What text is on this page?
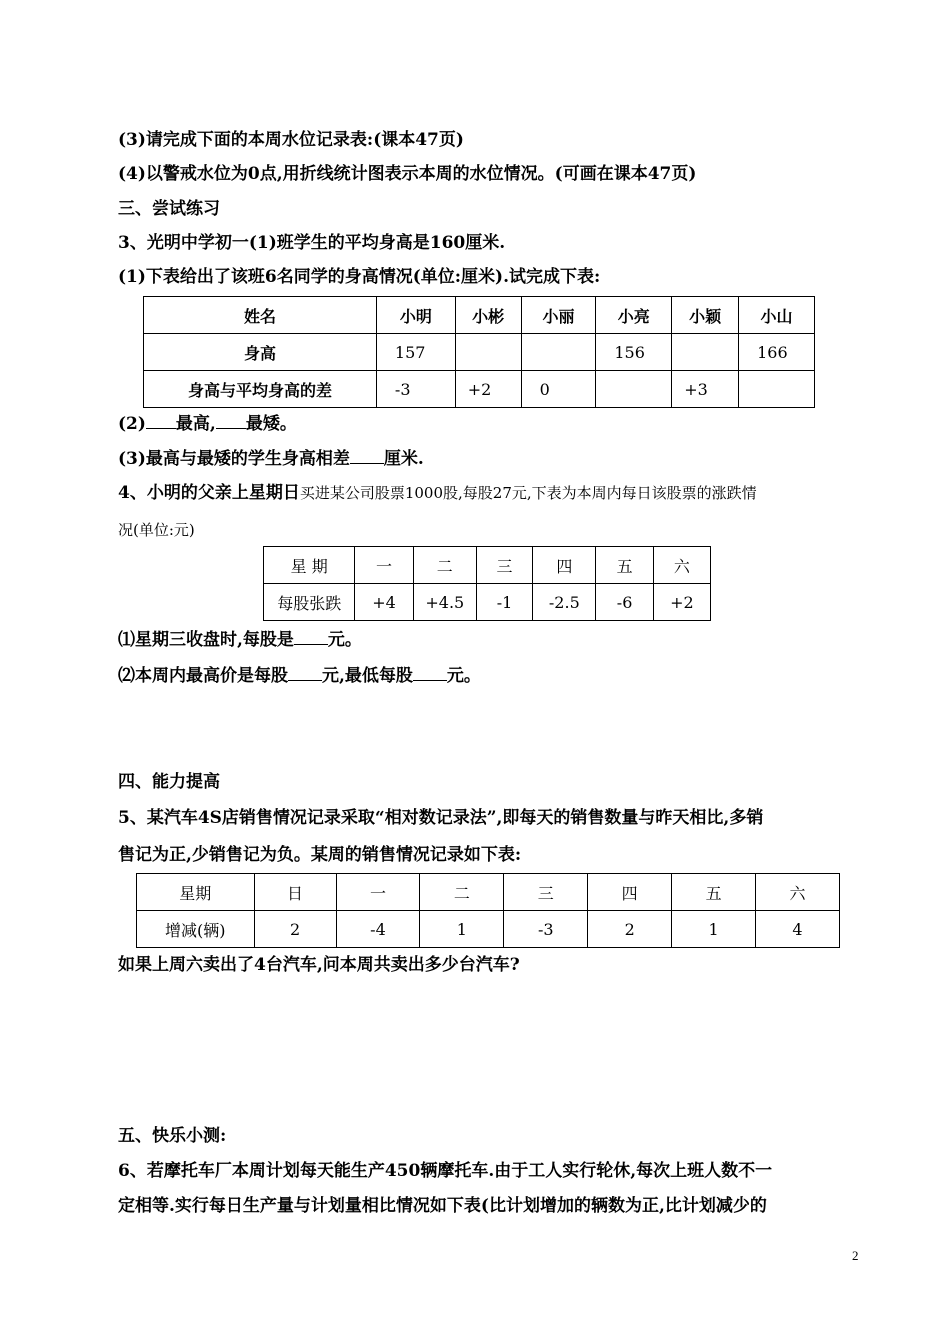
(3)请完成下面的本周水位记录表:(课本47页)
(4)以警戒水位为0点,用折线统计图表示本周的水位情况。(可画在课本47页)
三、尝试练习
3、光明中学初一(1)班学生的平均身高是160厘米.
(1)下表给出了该班6名同学的身高情况(单位:厘米).试完成下表:
姓名	小明	小彬	小丽	小亮	小颖	小山
身高	157			156		166
身高与平均身高的差	-3	+2	0		+3	
(2) 最高, 最矮。
(3)最高与最矮的学生身高相差 厘米.
4、小明的父亲上星期日买进某公司股票1000股,每股27元,下表为本周内每日该股票的涨跌情
况(单位:元)
星 期	一	二	三	四	五	六
每股张跌	+4	+4.5	-1	-2.5	-6	+2
⑴星期三收盘时,每股是 元。
⑵本周内最高价是每股 元,最低每股 元。
四、能力提高
5、某汽车4S店销售情况记录采取“相对数记录法”,即每天的销售数量与昨天相比,多销
售记为正,少销售记为负。某周的销售情况记录如下表:
星期	日	一	二	三	四	五	六
增减(辆)	2	-4	1	-3	2	1	4
如果上周六卖出了4台汽车,问本周共卖出多少台汽车?
五、快乐小测:
6、若摩托车厂本周计划每天能生产450辆摩托车.由于工人实行轮休,每次上班人数不一
定相等.实行每日生产量与计划量相比情况如下表(比计划增加的辆数为正,比计划减少的
2
